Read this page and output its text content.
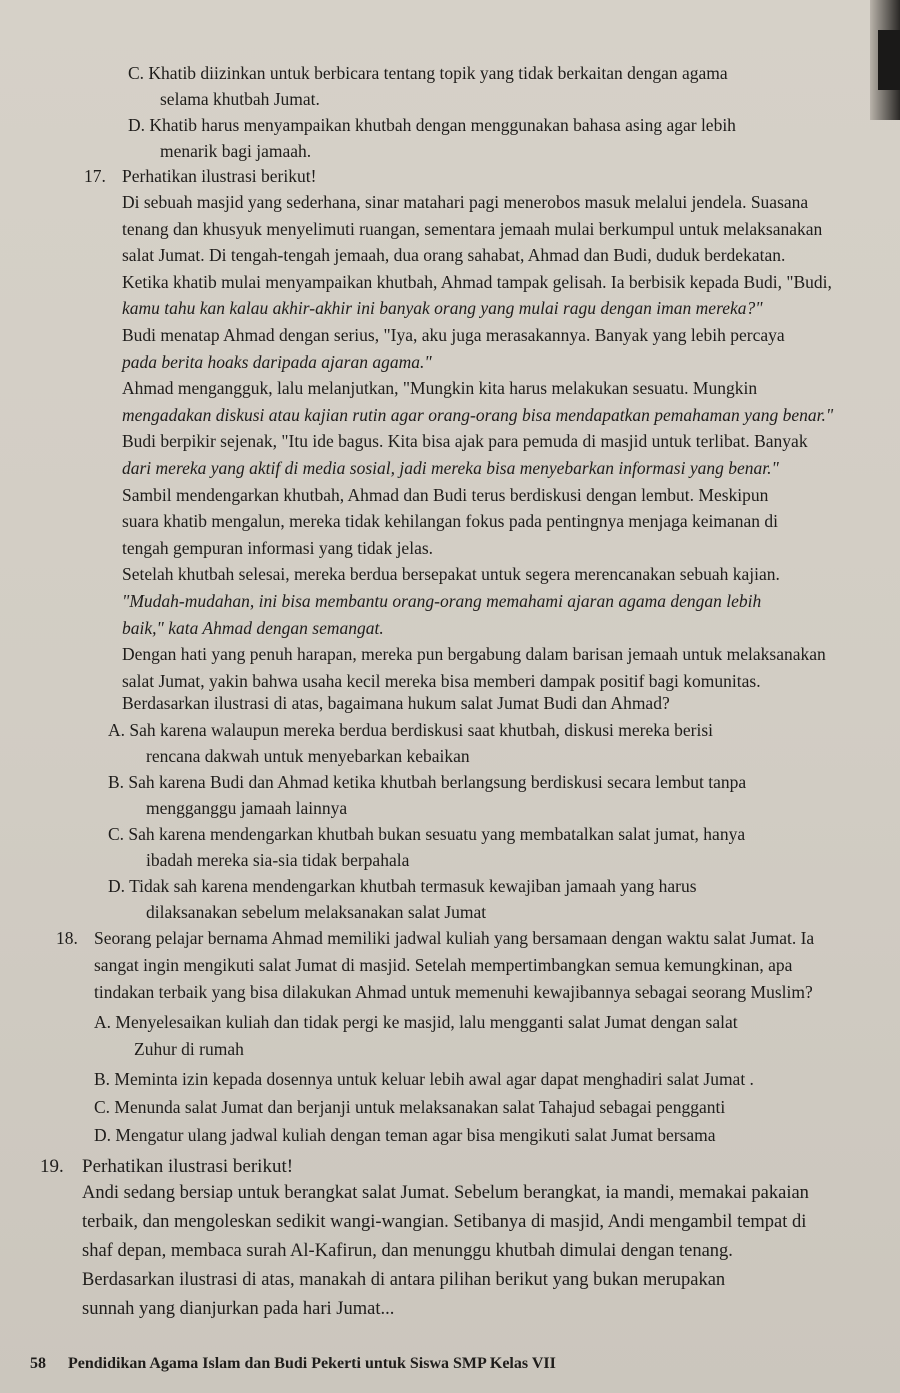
C. Khatib diizinkan untuk berbicara tentang topik yang tidak berkaitan dengan agama
selama khutbah Jumat.
D. Khatib harus menyampaikan khutbah dengan menggunakan bahasa asing agar lebih
menarik bagi jamaah.
17. Perhatikan ilustrasi berikut!
Di sebuah masjid yang sederhana, sinar matahari pagi menerobos masuk melalui jendela. Suasana
tenang dan khusyuk menyelimuti ruangan, sementara jemaah mulai berkumpul untuk melaksanakan
salat Jumat. Di tengah-tengah jemaah, dua orang sahabat, Ahmad dan Budi, duduk berdekatan.
Ketika khatib mulai menyampaikan khutbah, Ahmad tampak gelisah. Ia berbisik kepada Budi, "Budi,
kamu tahu kan kalau akhir-akhir ini banyak orang yang mulai ragu dengan iman mereka?"
Budi menatap Ahmad dengan serius, "Iya, aku juga merasakannya. Banyak yang lebih percaya
pada berita hoaks daripada ajaran agama."
Ahmad mengangguk, lalu melanjutkan, "Mungkin kita harus melakukan sesuatu. Mungkin
mengadakan diskusi atau kajian rutin agar orang-orang bisa mendapatkan pemahaman yang benar."
Budi berpikir sejenak, "Itu ide bagus. Kita bisa ajak para pemuda di masjid untuk terlibat. Banyak
dari mereka yang aktif di media sosial, jadi mereka bisa menyebarkan informasi yang benar."
Sambil mendengarkan khutbah, Ahmad dan Budi terus berdiskusi dengan lembut. Meskipun
suara khatib mengalun, mereka tidak kehilangan fokus pada pentingnya menjaga keimanan di
tengah gempuran informasi yang tidak jelas.
Setelah khutbah selesai, mereka berdua bersepakat untuk segera merencanakan sebuah kajian.
"Mudah-mudahan, ini bisa membantu orang-orang memahami ajaran agama dengan lebih
baik," kata Ahmad dengan semangat.
Dengan hati yang penuh harapan, mereka pun bergabung dalam barisan jemaah untuk melaksanakan
salat Jumat, yakin bahwa usaha kecil mereka bisa memberi dampak positif bagi komunitas.
Berdasarkan ilustrasi di atas, bagaimana hukum salat Jumat Budi dan Ahmad?
A. Sah karena walaupun mereka berdua berdiskusi saat khutbah, diskusi mereka berisi
rencana dakwah untuk menyebarkan kebaikan
B. Sah karena Budi dan Ahmad ketika khutbah berlangsung berdiskusi secara lembut tanpa
mengganggu jamaah lainnya
C. Sah karena mendengarkan khutbah bukan sesuatu yang membatalkan salat jumat, hanya
ibadah mereka sia-sia tidak berpahala
D. Tidak sah karena mendengarkan khutbah termasuk kewajiban jamaah yang harus
dilaksanakan sebelum melaksanakan salat Jumat
18. Seorang pelajar bernama Ahmad memiliki jadwal kuliah yang bersamaan dengan waktu salat Jumat. Ia
sangat ingin mengikuti salat Jumat di masjid. Setelah mempertimbangkan semua kemungkinan, apa
tindakan terbaik yang bisa dilakukan Ahmad untuk memenuhi kewajibannya sebagai seorang Muslim?
A. Menyelesaikan kuliah dan tidak pergi ke masjid, lalu mengganti salat Jumat dengan salat
Zuhur di rumah
B. Meminta izin kepada dosennya untuk keluar lebih awal agar dapat menghadiri salat Jumat .
C. Menunda salat Jumat dan berjanji untuk melaksanakan salat Tahajud sebagai pengganti
D. Mengatur ulang jadwal kuliah dengan teman agar bisa mengikuti salat Jumat bersama
19. Perhatikan ilustrasi berikut!
Andi sedang bersiap untuk berangkat salat Jumat. Sebelum berangkat, ia mandi, memakai pakaian
terbaik, dan mengoleskan sedikit wangi-wangian. Setibanya di masjid, Andi mengambil tempat di
shaf depan, membaca surah Al-Kafirun, dan menunggu khutbah dimulai dengan tenang.
Berdasarkan ilustrasi di atas, manakah di antara pilihan berikut yang bukan merupakan
sunnah yang dianjurkan pada hari Jumat...
58 Pendidikan Agama Islam dan Budi Pekerti untuk Siswa SMP Kelas VII
